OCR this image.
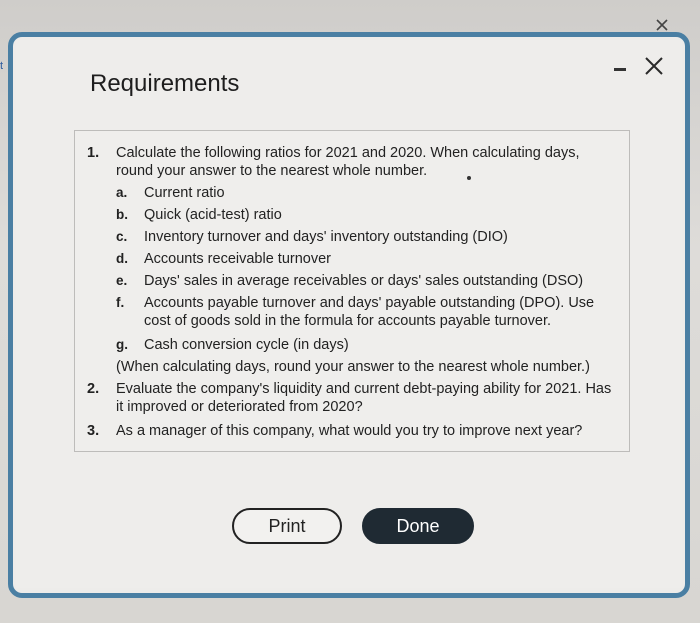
t
Requirements
1. Calculate the following ratios for 2021 and 2020. When calculating days,
round your answer to the nearest whole number.
a. Current ratio
b. Quick (acid-test) ratio
c. Inventory turnover and days' inventory outstanding (DIO)
d. Accounts receivable turnover
e. Days' sales in average receivables or days' sales outstanding (DSO)
f. Accounts payable turnover and days' payable outstanding (DPO). Use
cost of goods sold in the formula for accounts payable turnover.
g. Cash conversion cycle (in days)
(When calculating days, round your answer to the nearest whole number.)
2. Evaluate the company's liquidity and current debt-paying ability for 2021. Has
it improved or deteriorated from 2020?
3. As a manager of this company, what would you try to improve next year?
Print	Done
